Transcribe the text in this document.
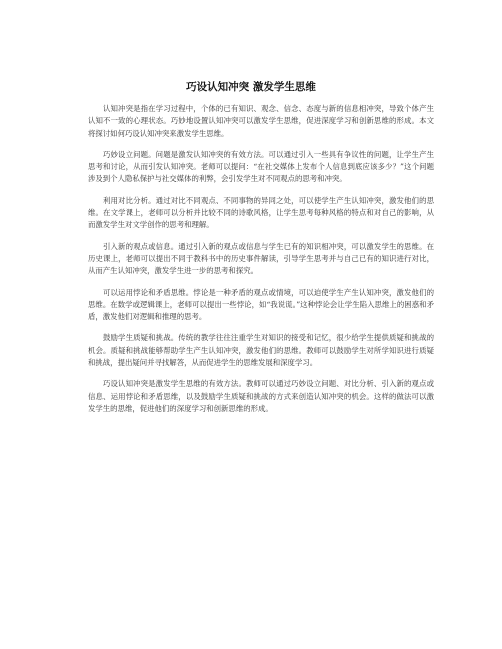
巧设认知冲突 激发学生思维

认知冲突是指在学习过程中，个体的已有知识、观念、信念、态度与新的信息相冲突，导致个体产生认知不一致的心理状态。巧妙地设置认知冲突可以激发学生思维，促进深度学习和创新思维的形成。本文将探讨如何巧设认知冲突来激发学生思维。

巧妙设立问题。问题是激发认知冲突的有效方法。可以通过引入一些具有争议性的问题，让学生产生思考和讨论，从而引发认知冲突。老师可以提问：“在社交媒体上发布个人信息到底应该多少？”这个问题涉及到个人隐私保护与社交媒体的利弊，会引发学生对不同观点的思考和冲突。

利用对比分析。通过对比不同观点、不同事物的异同之处，可以使学生产生认知冲突，激发他们的思维。在文学课上，老师可以分析并比较不同的诗歌风格，让学生思考每种风格的特点和对自己的影响，从而激发学生对文学创作的思考和理解。

引入新的观点或信息。通过引入新的观点或信息与学生已有的知识相冲突，可以激发学生的思维。在历史课上，老师可以提出不同于教科书中的历史事件解读，引导学生思考并与自己已有的知识进行对比，从而产生认知冲突，激发学生进一步的思考和探究。

可以运用悖论和矛盾思维。悖论是一种矛盾的观点或情境，可以迫使学生产生认知冲突，激发他们的思维。在数学或逻辑课上，老师可以提出一些悖论，如“我说谎。”这种悖论会让学生陷入思维上的困惑和矛盾，激发他们对逻辑和推理的思考。

鼓励学生质疑和挑战。传统的教学往往注重学生对知识的接受和记忆，很少给学生提供质疑和挑战的机会。质疑和挑战能够帮助学生产生认知冲突，激发他们的思维。教师可以鼓励学生对所学知识进行质疑和挑战，提出疑问并寻找解答，从而促进学生的思维发展和深度学习。

巧设认知冲突是激发学生思维的有效方法。教师可以通过巧妙设立问题、对比分析、引入新的观点或信息、运用悖论和矛盾思维，以及鼓励学生质疑和挑战的方式来创造认知冲突的机会。这样的做法可以激发学生的思维，促进他们的深度学习和创新思维的形成。
